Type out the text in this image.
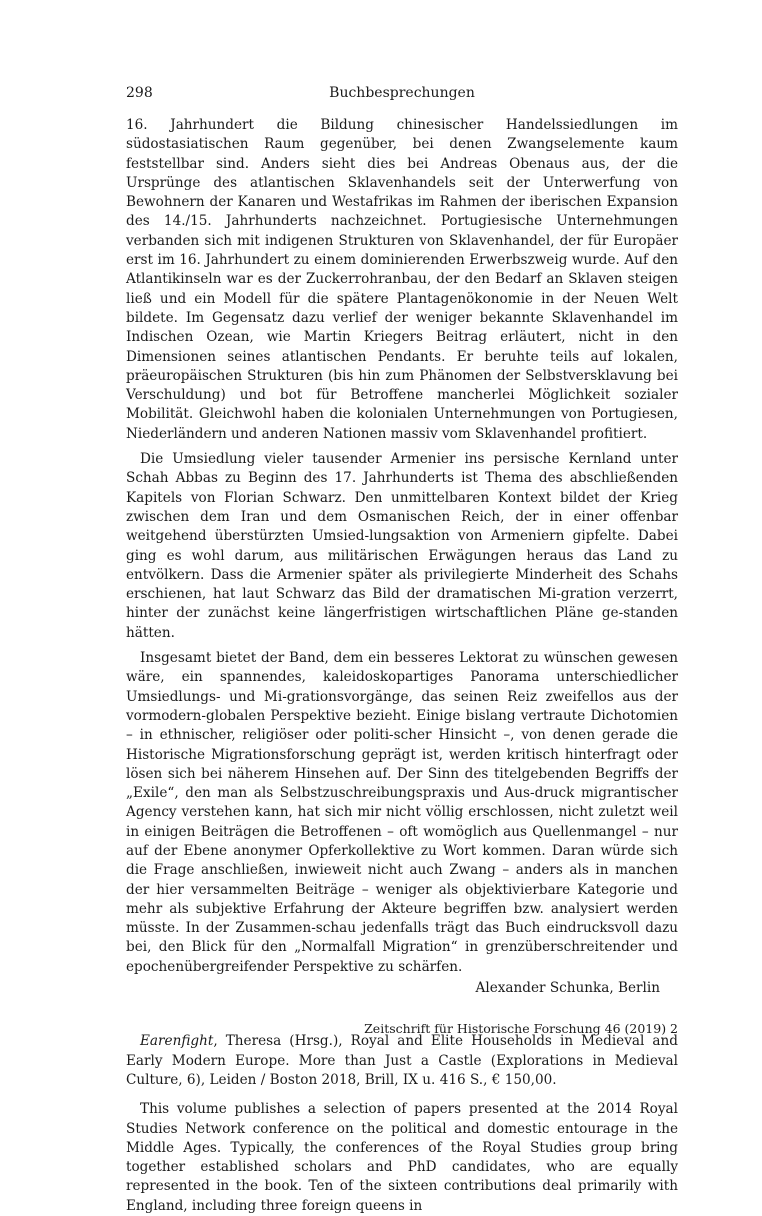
298	Buchbesprechungen

16. Jahrhundert die Bildung chinesischer Handelssiedlungen im südostasiatischen Raum gegenüber, bei denen Zwangselemente kaum feststellbar sind. Anders sieht dies bei Andreas Obenaus aus, der die Ursprünge des atlantischen Sklavenhandels seit der Unterwerfung von Bewohnern der Kanaren und Westafrikas im Rahmen der iberischen Expansion des 14./15. Jahrhunderts nachzeichnet. Portugiesische Unternehmungen verbanden sich mit indigenen Strukturen von Sklavenhandel, der für Europäer erst im 16. Jahrhundert zu einem dominierenden Erwerbszweig wurde. Auf den Atlantikinseln war es der Zuckerrohranbau, der den Bedarf an Sklaven steigen ließ und ein Modell für die spätere Plantagenökonomie in der Neuen Welt bildete. Im Gegensatz dazu verlief der weniger bekannte Sklavenhandel im Indischen Ozean, wie Martin Kriegers Beitrag erläutert, nicht in den Dimensionen seines atlantischen Pendants. Er beruhte teils auf lokalen, präeuropäischen Strukturen (bis hin zum Phänomen der Selbstversklavung bei Verschuldung) und bot für Betroffene mancherlei Möglichkeit sozialer Mobilität. Gleichwohl haben die kolonialen Unternehmungen von Portugiesen, Niederländern und anderen Nationen massiv vom Sklavenhandel profitiert.

Die Umsiedlung vieler tausender Armenier ins persische Kernland unter Schah Abbas zu Beginn des 17. Jahrhunderts ist Thema des abschließenden Kapitels von Florian Schwarz. Den unmittelbaren Kontext bildet der Krieg zwischen dem Iran und dem Osmanischen Reich, der in einer offenbar weitgehend überstürzten Umsied-lungsaktion von Armeniern gipfelte. Dabei ging es wohl darum, aus militärischen Erwägungen heraus das Land zu entvölkern. Dass die Armenier später als privilegierte Minderheit des Schahs erschienen, hat laut Schwarz das Bild der dramatischen Mi-gration verzerrt, hinter der zunächst keine längerfristigen wirtschaftlichen Pläne ge-standen hätten.

Insgesamt bietet der Band, dem ein besseres Lektorat zu wünschen gewesen wäre, ein spannendes, kaleidoskopartiges Panorama unterschiedlicher Umsiedlungs- und Mi-grationsvorgänge, das seinen Reiz zweifellos aus der vormodern-globalen Perspektive bezieht. Einige bislang vertraute Dichotomien – in ethnischer, religiöser oder politi-scher Hinsicht –, von denen gerade die Historische Migrationsforschung geprägt ist, werden kritisch hinterfragt oder lösen sich bei näherem Hinsehen auf. Der Sinn des titelgebenden Begriffs der „Exile“, den man als Selbstzuschreibungspraxis und Aus-druck migrantischer Agency verstehen kann, hat sich mir nicht völlig erschlossen, nicht zuletzt weil in einigen Beiträgen die Betroffenen – oft womöglich aus Quellenmangel – nur auf der Ebene anonymer Opferkollektive zu Wort kommen. Daran würde sich die Frage anschließen, inwieweit nicht auch Zwang – anders als in manchen der hier versammelten Beiträge – weniger als objektivierbare Kategorie und mehr als subjektive Erfahrung der Akteure begriffen bzw. analysiert werden müsste. In der Zusammen-schau jedenfalls trägt das Buch eindrucksvoll dazu bei, den Blick für den „Normalfall Migration“ in grenzüberschreitender und epochenübergreifender Perspektive zu schärfen.

Alexander Schunka, Berlin

Earenfight, Theresa (Hrsg.), Royal and Elite Households in Medieval and Early Modern Europe. More than Just a Castle (Explorations in Medieval Culture, 6), Leiden / Boston 2018, Brill, IX u. 416 S., € 150,00.

This volume publishes a selection of papers presented at the 2014 Royal Studies Network conference on the political and domestic entourage in the Middle Ages. Typically, the conferences of the Royal Studies group bring together established scholars and PhD candidates, who are equally represented in the book. Ten of the sixteen contributions deal primarily with England, including three foreign queens in

Zeitschrift für Historische Forschung 46 (2019) 2
